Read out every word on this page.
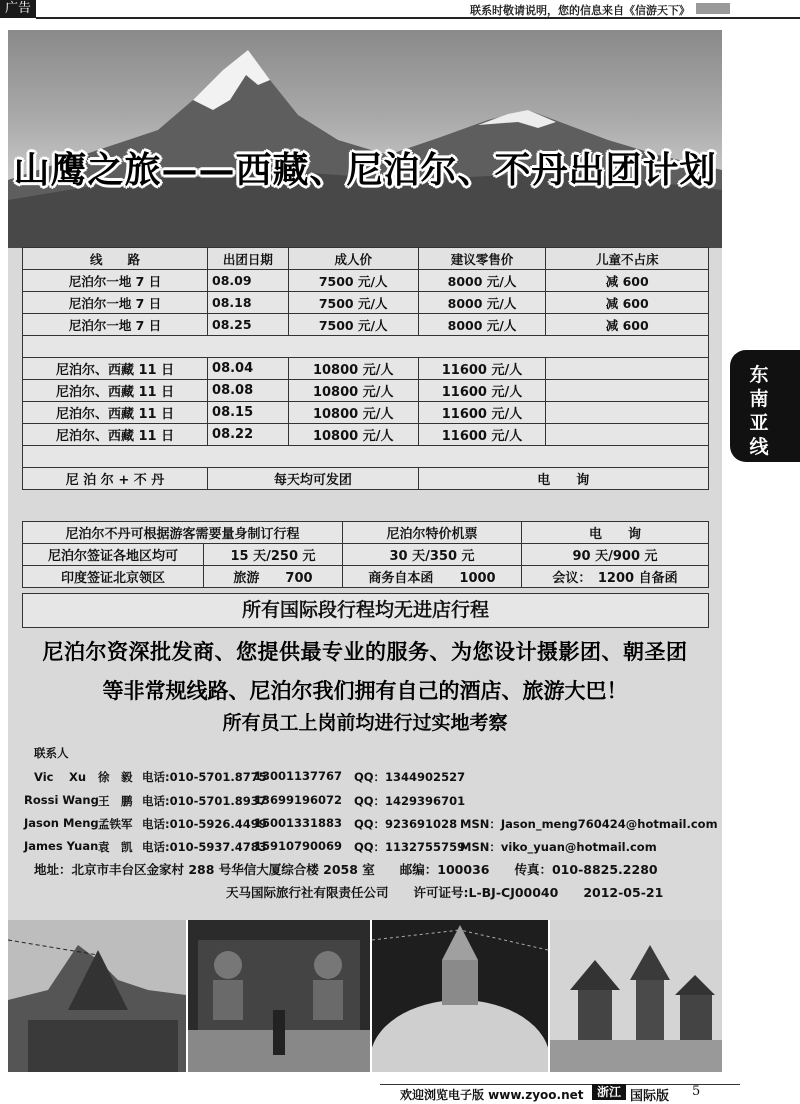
广告	联系时敬请说明，您的信息来自《信游天下》
山鹰之旅——西藏、尼泊尔、不丹出团计划
线　　路	出团日期	成人价	建议零售价	儿童不占床
尼泊尔一地 7 日	08.09	7500 元/人	8000 元/人	减 600
尼泊尔一地 7 日	08.18	7500 元/人	8000 元/人	减 600
尼泊尔一地 7 日	08.25	7500 元/人	8000 元/人	减 600

尼泊尔、西藏 11 日	08.04	10800 元/人	11600 元/人	
尼泊尔、西藏 11 日	08.08	10800 元/人	11600 元/人	
尼泊尔、西藏 11 日	08.15	10800 元/人	11600 元/人	
尼泊尔、西藏 11 日	08.22	10800 元/人	11600 元/人	

尼 泊 尔 + 不 丹	每天均可发团		电　　询	
尼泊尔不丹可根据游客需要量身制订行程		尼泊尔特价机票	电　　询
尼泊尔签证各地区均可	15 天/250 元	30 天/350 元	90 天/900 元
印度签证北京领区	旅游　　700	商务自本函　　1000	会议：　1200 自备函
所有国际段行程均无进店行程
尼泊尔资深批发商、您提供最专业的服务、为您设计摄影团、朝圣团
等非常规线路、尼泊尔我们拥有自己的酒店、旅游大巴！
所有员工上岗前均进行过实地考察
联系人
Vic　 Xu 徐　毅 电话:010-5701.8775
13001137767 QQ：1344902527
Rossi Wang 王　鹏 电话:010-5701.8937
13699196072 QQ：1429396701
Jason Meng 孟铁军 电话:010-5926.4499
15001331883 QQ：923691028 MSN：Jason_meng760424@hotmail.com
James Yuan 袁　凯 电话:010-5937.4783
15910790069 QQ：1132755759
MSN：viko_yuan@hotmail.com
地址：北京市丰台区金家村 288 号华信大厦综合楼 2058 室　　邮编：100036　　传真：010-8825.2280
天马国际旅行社有限责任公司　　许可证号:L-BJ-CJ00040　　2012-05-21
东
南
亚
线
欢迎浏览电子版 www.zyoo.net	浙江 国际版 5
